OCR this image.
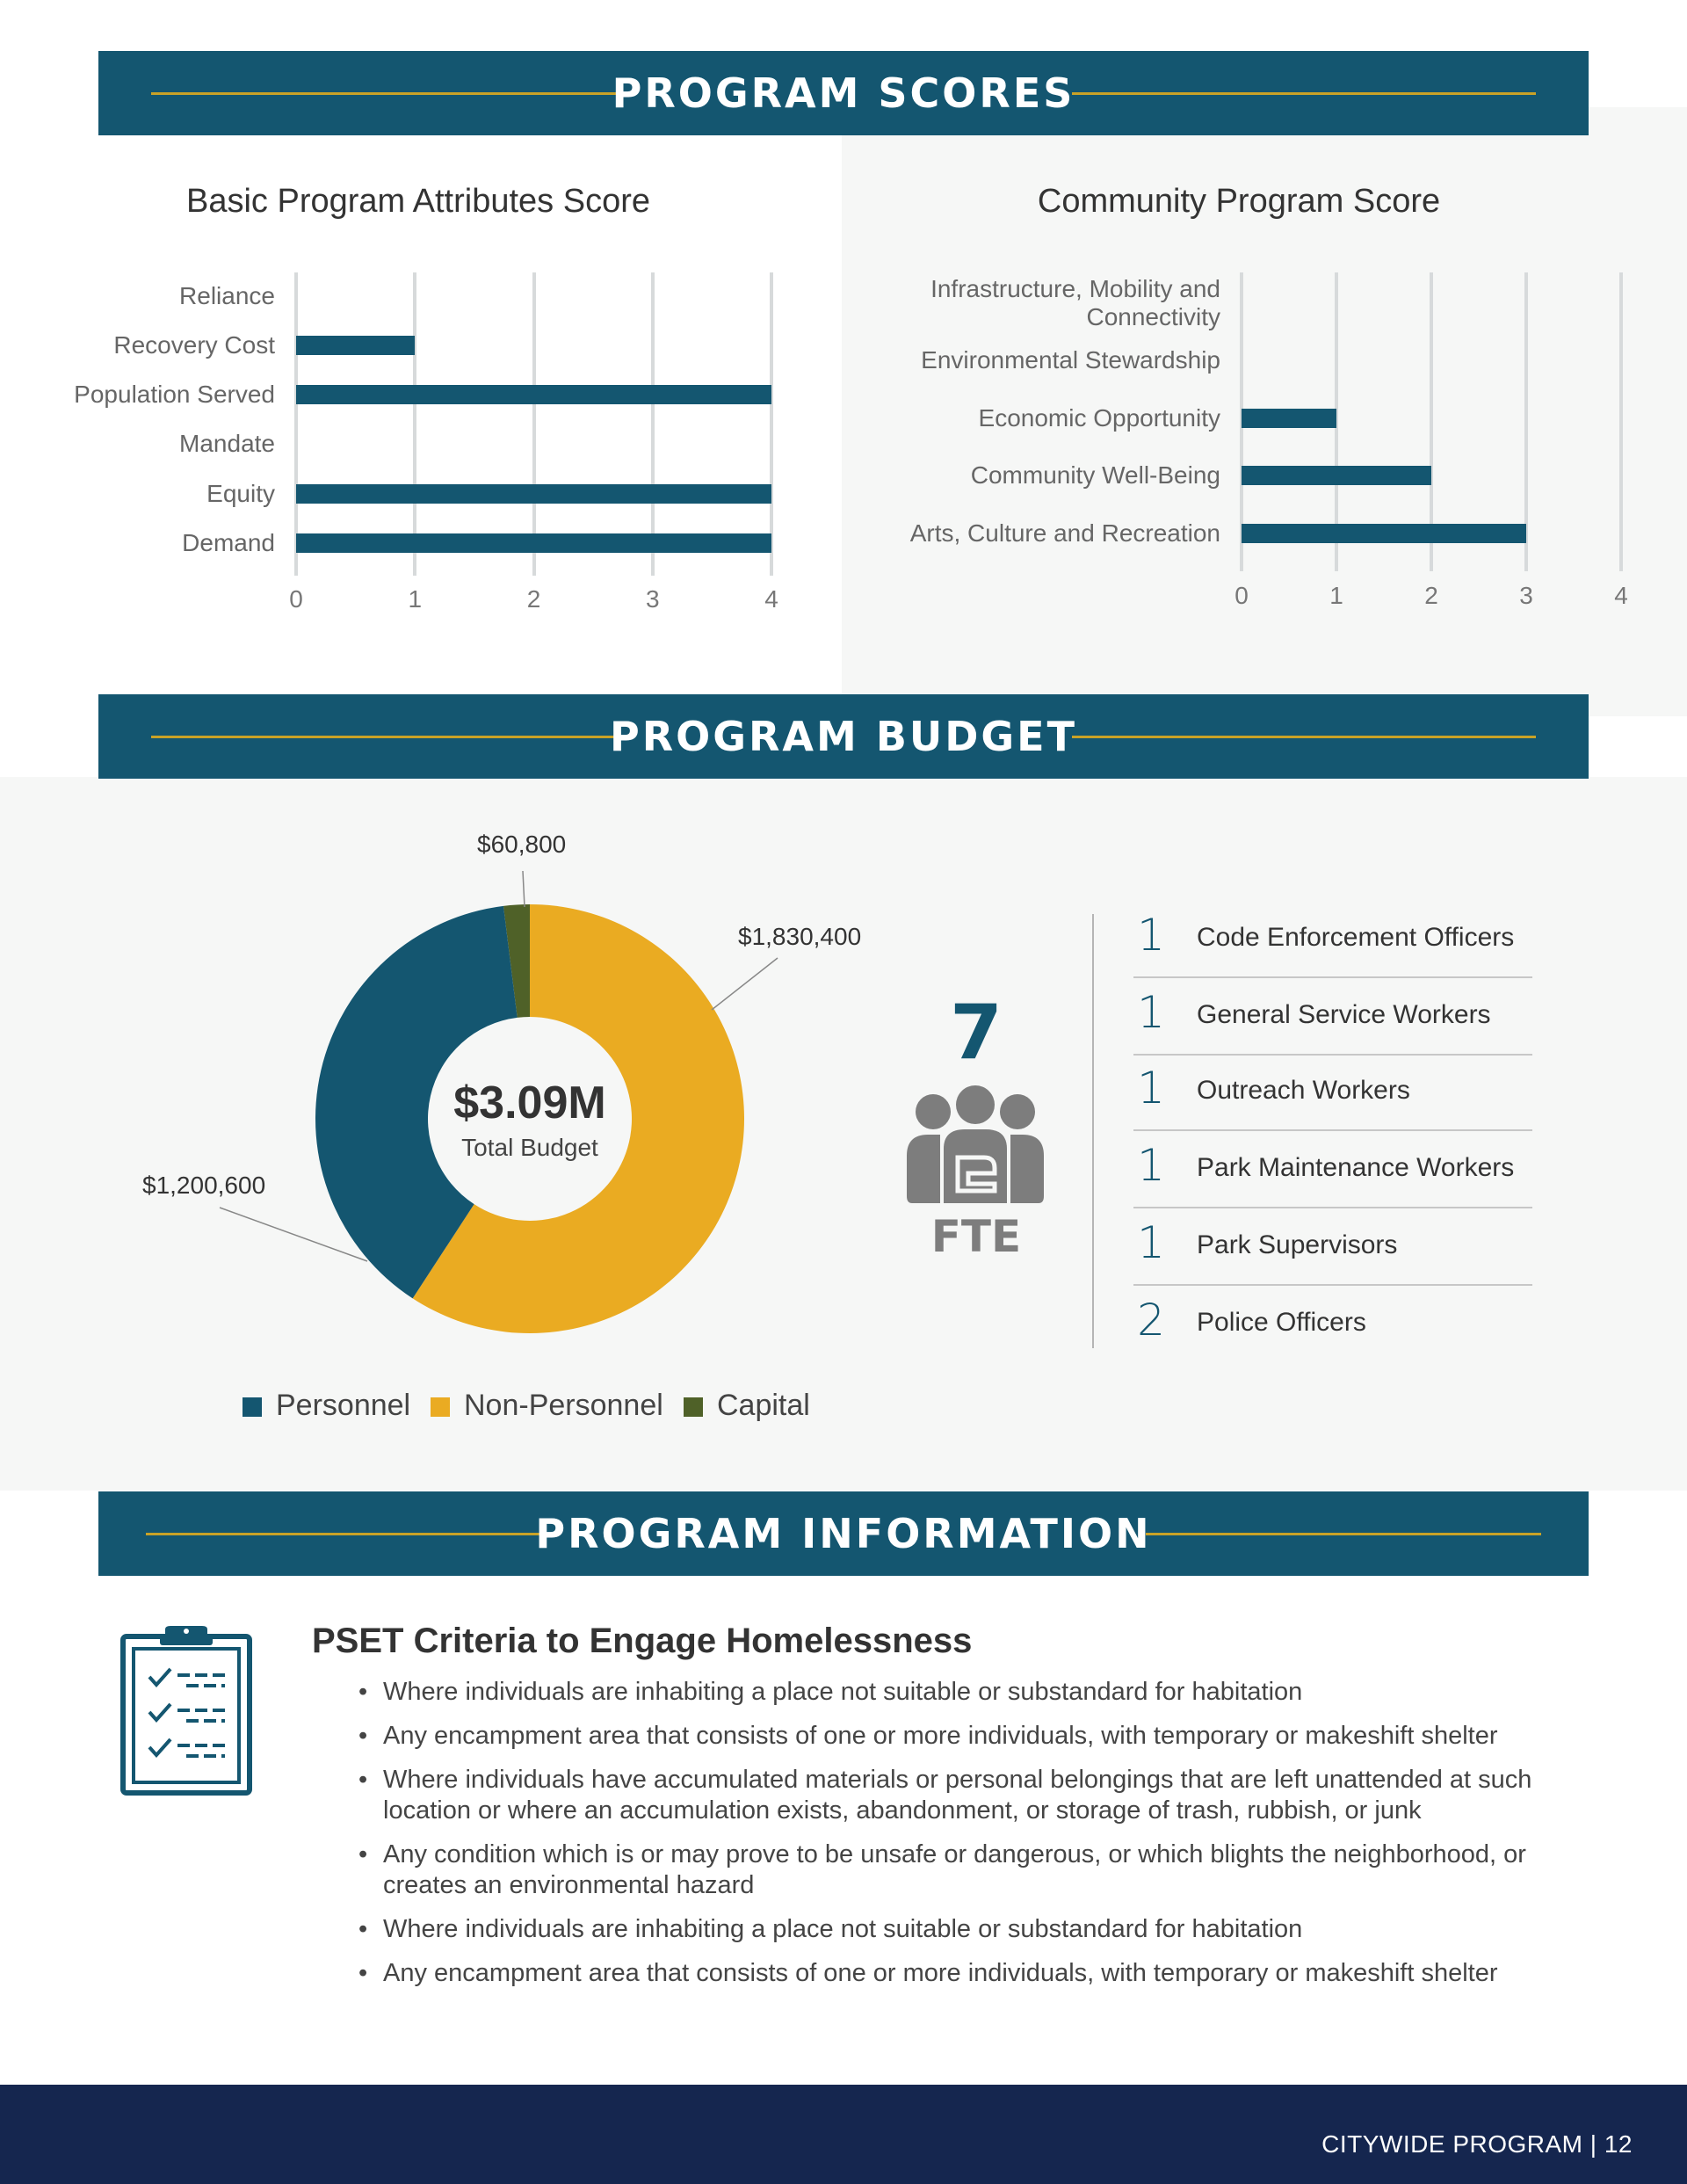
PROGRAM SCORES
Basic Program Attributes Score
0	1	2	3	4
Reliance
Recovery Cost
Population Served
Mandate
Equity
Demand
Community Program Score
0	1	2	3	4
Infrastructure, Mobility and Connectivity
Environmental Stewardship
Economic Opportunity
Community Well-Being
Arts, Culture and Recreation
PROGRAM BUDGET
$60,800
$1,830,400
$1,200,600
$3.09M
Total Budget
Personnel	Non-Personnel	Capital
7
FTE
1 Code Enforcement Officers
1 General Service Workers
1 Outreach Workers
1 Park Maintenance Workers
1 Park Supervisors
2 Police Officers
PROGRAM INFORMATION
PSET Criteria to Engage Homelessness
• Where individuals are inhabiting a place not suitable or substandard for habitation
• Any encampment area that consists of one or more individuals, with temporary or makeshift shelter
• Where individuals have accumulated materials or personal belongings that are left unattended at such location or where an accumulation exists, abandonment, or storage of trash, rubbish, or junk
• Any condition which is or may prove to be unsafe or dangerous, or which blights the neighborhood, or creates an environmental hazard
• Where individuals are inhabiting a place not suitable or substandard for habitation
• Any encampment area that consists of one or more individuals, with temporary or makeshift shelter
CITYWIDE PROGRAM | 12
